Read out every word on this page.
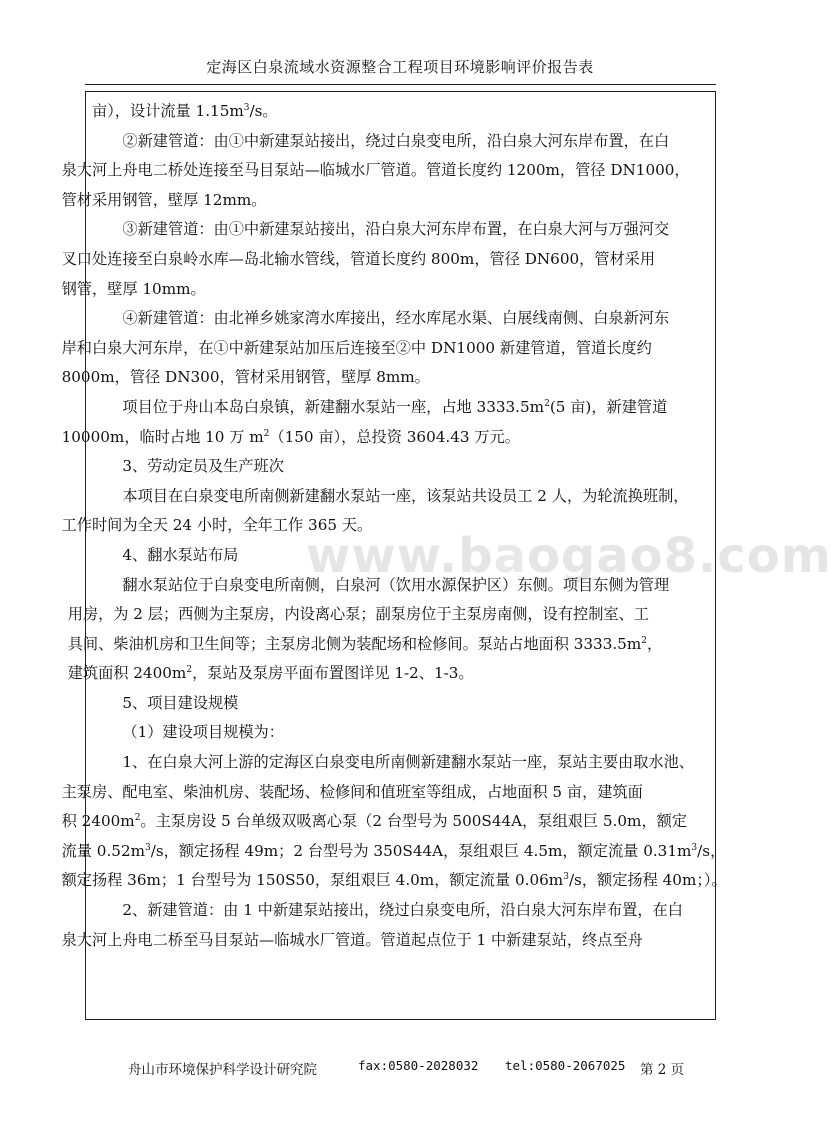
定海区白泉流域水资源整合工程项目环境影响评价报告表
www.baogao8.com

亩），设计流量 $1.15m^3/s$。

②新建管道：由①中新建泵站接出，绕过白泉变电所，沿白泉大河东岸布置，在白
泉大河上舟电二桥处连接至马目泵站—临城水厂管道。管道长度约 1200m，管径 DN1000，
管材采用钢管，壁厚 12mm。

③新建管道：由①中新建泵站接出，沿白泉大河东岸布置，在白泉大河与万强河交
叉口处连接至白泉岭水库—岛北输水管线，管道长度约 800m，管径 DN600，管材采用
钢管，壁厚 10mm。

④新建管道：由北禅乡姚家湾水库接出，经水库尾水渠、白展线南侧、白泉新河东
岸和白泉大河东岸，在①中新建泵站加压后连接至②中 DN1000 新建管道，管道长度约
8000m，管径 DN300，管材采用钢管，壁厚 8mm。

项目位于舟山本岛白泉镇，新建翻水泵站一座，占地 $3333.5m^2(5$ 亩)，新建管道
10000m，临时占地 10 万 $m^2(150$ 亩），总投资 3604.43 万元。

3、劳动定员及生产班次

本项目在白泉变电所南侧新建翻水泵站一座，该泵站共设员工 2 人，为轮流换班制，
工作时间为全天 24 小时，全年工作 365 天。

4、翻水泵站布局

翻水泵站位于白泉变电所南侧，白泉河（饮用水源保护区）东侧。项目东侧为管理
用房，为 2 层；西侧为主泵房，内设离心泵；副泵房位于主泵房南侧，设有控制室、工
具间、柴油机房和卫生间等；主泵房北侧为装配场和检修间。泵站占地面积 $3333.5m^2$，
建筑面积 $2400m^2$，泵站及泵房平面布置图详见 1-2、1-3。

5、项目建设规模

（1）建设项目规模为：

1、在白泉大河上游的定海区白泉变电所南侧新建翻水泵站一座，泵站主要由取水池、
主泵房、配电室、柴油机房、装配场、检修间和值班室等组成，占地面积 5 亩，建筑面
积 $2400m^2$。主泵房设 5 台单级双吸离心泵（2 台型号为 500S44A，泵组艰巨 5.0m，额定
流量 $0.52m^3/s$，额定扬程 49m；2 台型号为 350S44A，泵组艰巨 4.5m，额定流量 $0.31m^3/s$，
额定扬程 36m；1 台型号为 150S50，泵组艰巨 4.0m，额定流量 $0.06m^3/s$，额定扬程 40m；）。

2、新建管道：由 1 中新建泵站接出，绕过白泉变电所，沿白泉大河东岸布置，在白
泉大河上舟电二桥至马目泵站—临城水厂管道。管道起点位于 1 中新建泵站，终点至舟

舟山市环境保护科学设计研究院	fax:0580-2028032 tel:0580-2067025 第 2 页
